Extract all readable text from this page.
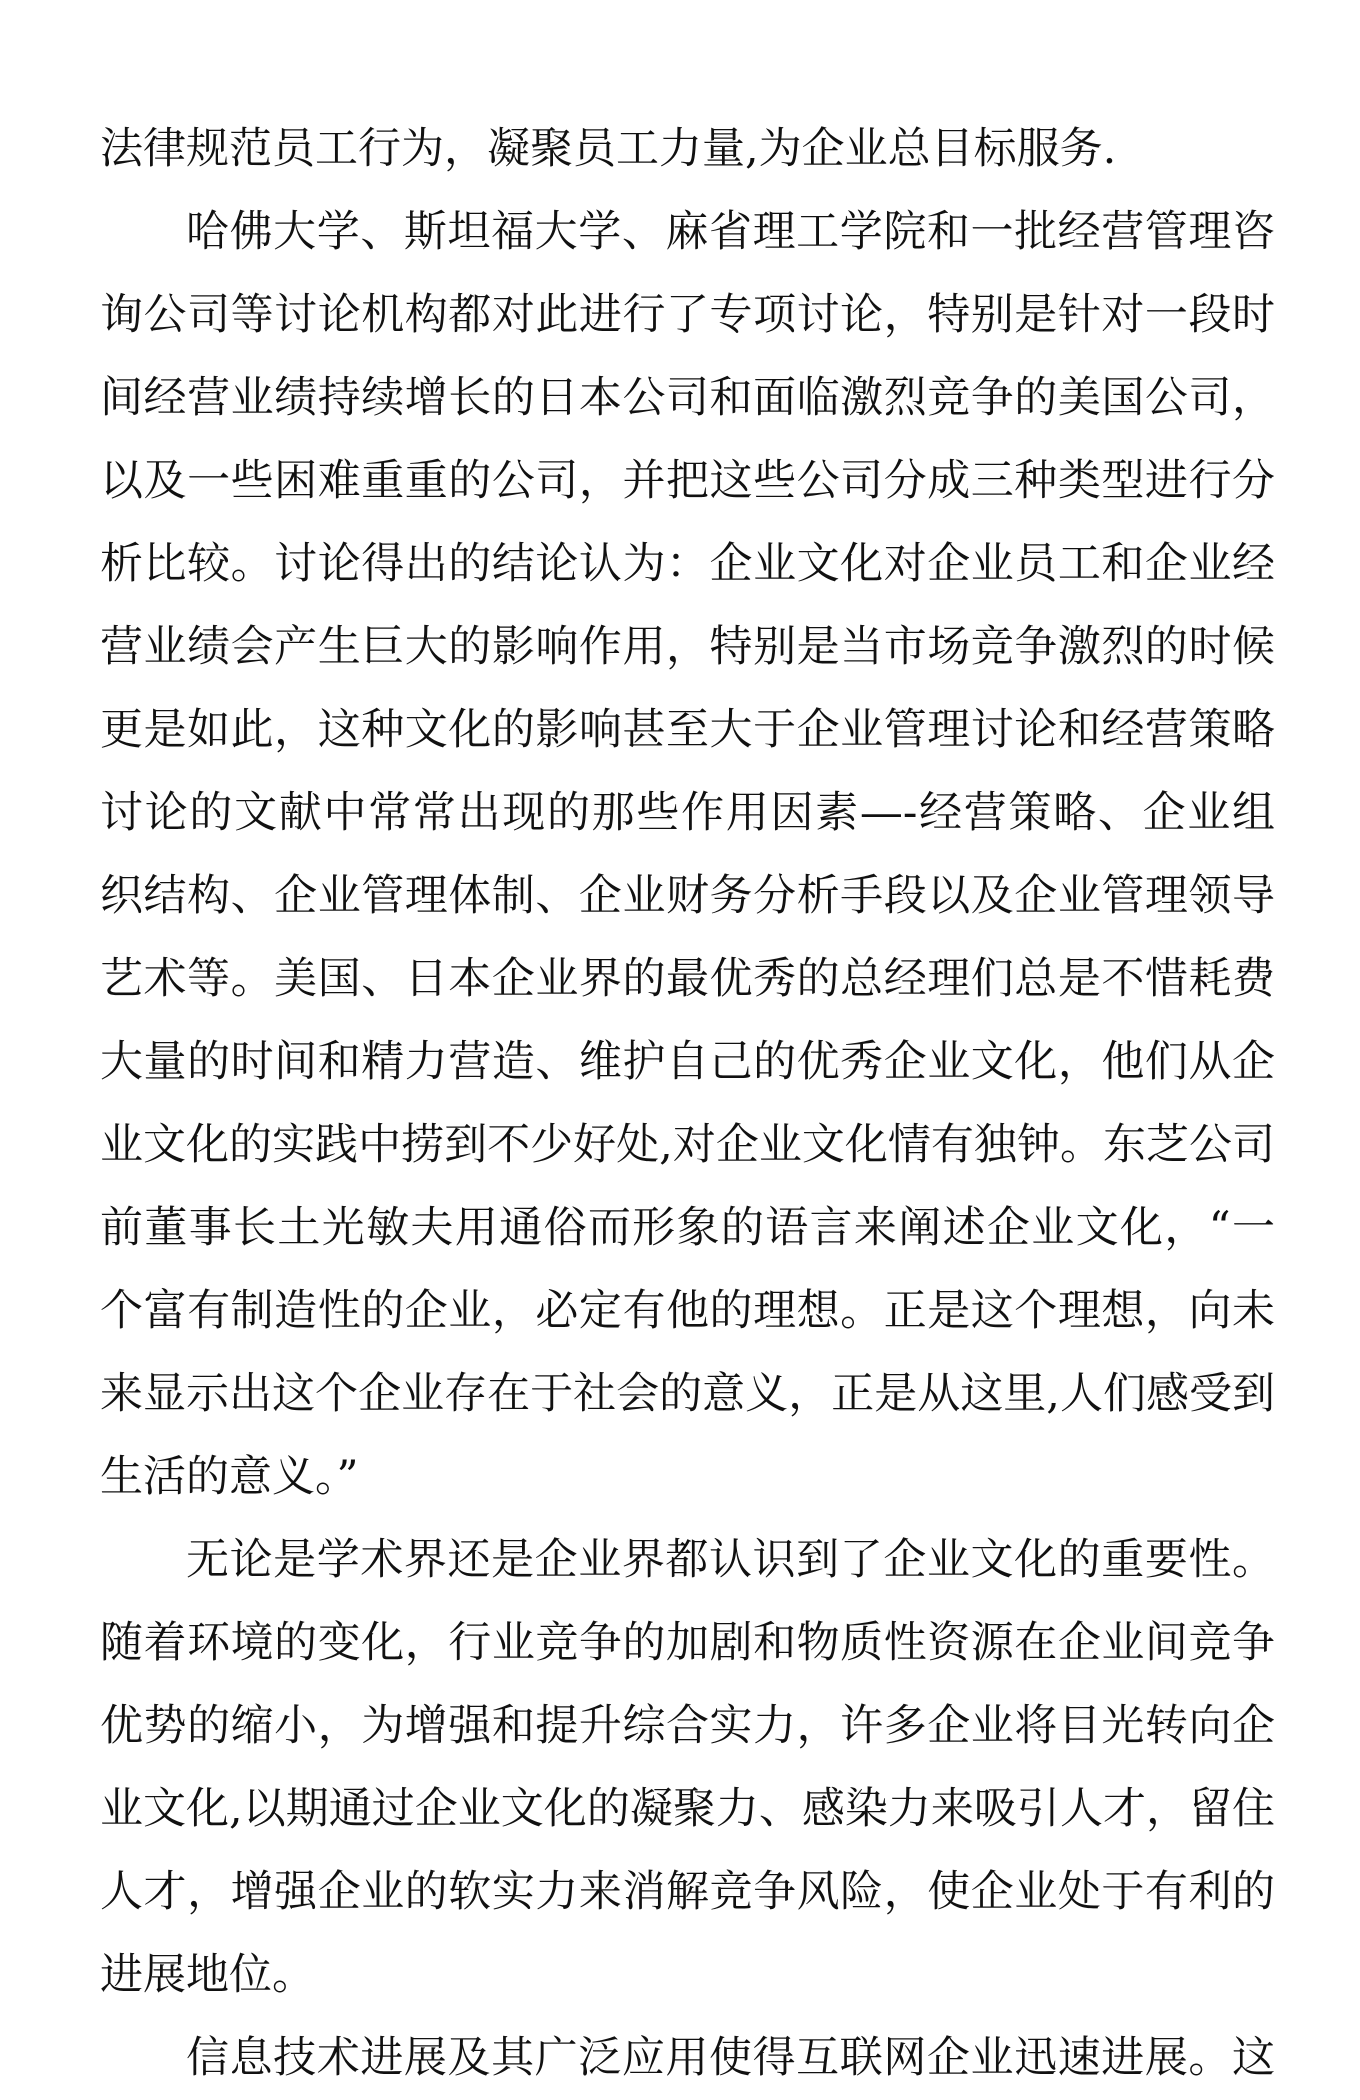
法律规范员工行为，凝聚员工力量,为企业总目标服务.
哈佛大学、斯坦福大学、麻省理工学院和一批经营管理咨
询公司等讨论机构都对此进行了专项讨论，特别是针对一段时
间经营业绩持续增长的日本公司和面临激烈竞争的美国公司，
以及一些困难重重的公司，并把这些公司分成三种类型进行分
析比较。讨论得出的结论认为：企业文化对企业员工和企业经
营业绩会产生巨大的影响作用，特别是当市场竞争激烈的时候
更是如此，这种文化的影响甚至大于企业管理讨论和经营策略
讨论的文献中常常出现的那些作用因素—-经营策略、企业组
织结构、企业管理体制、企业财务分析手段以及企业管理领导
艺术等。美国、日本企业界的最优秀的总经理们总是不惜耗费
大量的时间和精力营造、维护自己的优秀企业文化，他们从企
业文化的实践中捞到不少好处,对企业文化情有独钟。东芝公司
前董事长土光敏夫用通俗而形象的语言来阐述企业文化，“一
个富有制造性的企业，必定有他的理想。正是这个理想，向未
来显示出这个企业存在于社会的意义，正是从这里,人们感受到
生活的意义。”
无论是学术界还是企业界都认识到了企业文化的重要性。
随着环境的变化，行业竞争的加剧和物质性资源在企业间竞争
优势的缩小，为增强和提升综合实力，许多企业将目光转向企
业文化,以期通过企业文化的凝聚力、感染力来吸引人才，留住
人才，增强企业的软实力来消解竞争风险，使企业处于有利的
进展地位。
信息技术进展及其广泛应用使得互联网企业迅速进展。这
